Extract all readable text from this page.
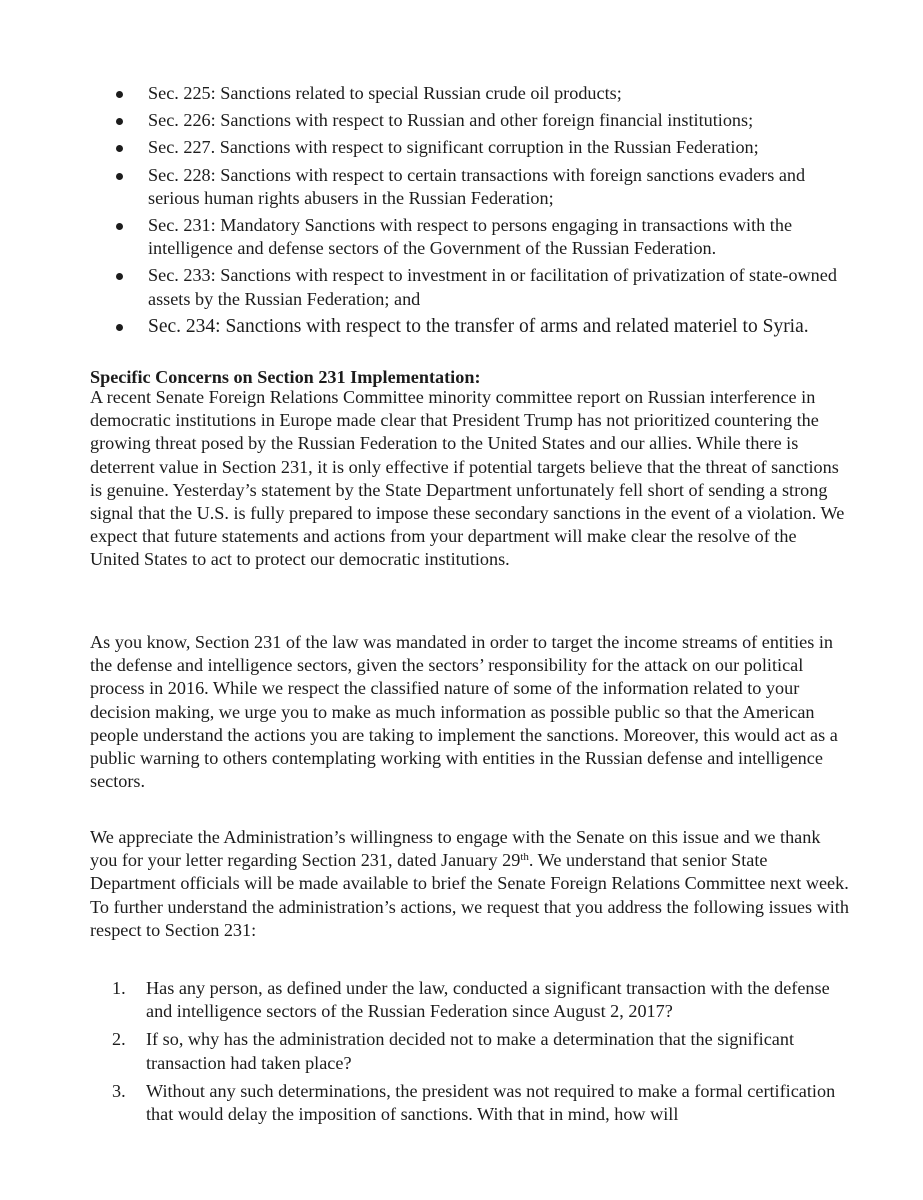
Sec. 225: Sanctions related to special Russian crude oil products;
Sec. 226: Sanctions with respect to Russian and other foreign financial institutions;
Sec. 227. Sanctions with respect to significant corruption in the Russian Federation;
Sec. 228: Sanctions with respect to certain transactions with foreign sanctions evaders and serious human rights abusers in the Russian Federation;
Sec. 231: Mandatory Sanctions with respect to persons engaging in transactions with the intelligence and defense sectors of the Government of the Russian Federation.
Sec. 233: Sanctions with respect to investment in or facilitation of privatization of state-owned assets by the Russian Federation; and
Sec. 234: Sanctions with respect to the transfer of arms and related materiel to Syria.

Specific Concerns on Section 231 Implementation:

A recent Senate Foreign Relations Committee minority committee report on Russian interference in democratic institutions in Europe made clear that President Trump has not prioritized countering the growing threat posed by the Russian Federation to the United States and our allies. While there is deterrent value in Section 231, it is only effective if potential targets believe that the threat of sanctions is genuine. Yesterday’s statement by the State Department unfortunately fell short of sending a strong signal that the U.S. is fully prepared to impose these secondary sanctions in the event of a violation. We expect that future statements and actions from your department will make clear the resolve of the United States to act to protect our democratic institutions.

As you know, Section 231 of the law was mandated in order to target the income streams of entities in the defense and intelligence sectors, given the sectors’ responsibility for the attack on our political process in 2016. While we respect the classified nature of some of the information related to your decision making, we urge you to make as much information as possible public so that the American people understand the actions you are taking to implement the sanctions. Moreover, this would act as a public warning to others contemplating working with entities in the Russian defense and intelligence sectors.

We appreciate the Administration’s willingness to engage with the Senate on this issue and we thank you for your letter regarding Section 231, dated January 29th. We understand that senior State Department officials will be made available to brief the Senate Foreign Relations Committee next week. To further understand the administration’s actions, we request that you address the following issues with respect to Section 231:

1. Has any person, as defined under the law, conducted a significant transaction with the defense and intelligence sectors of the Russian Federation since August 2, 2017?
2. If so, why has the administration decided not to make a determination that the significant transaction had taken place?
3. Without any such determinations, the president was not required to make a formal certification that would delay the imposition of sanctions. With that in mind, how will
